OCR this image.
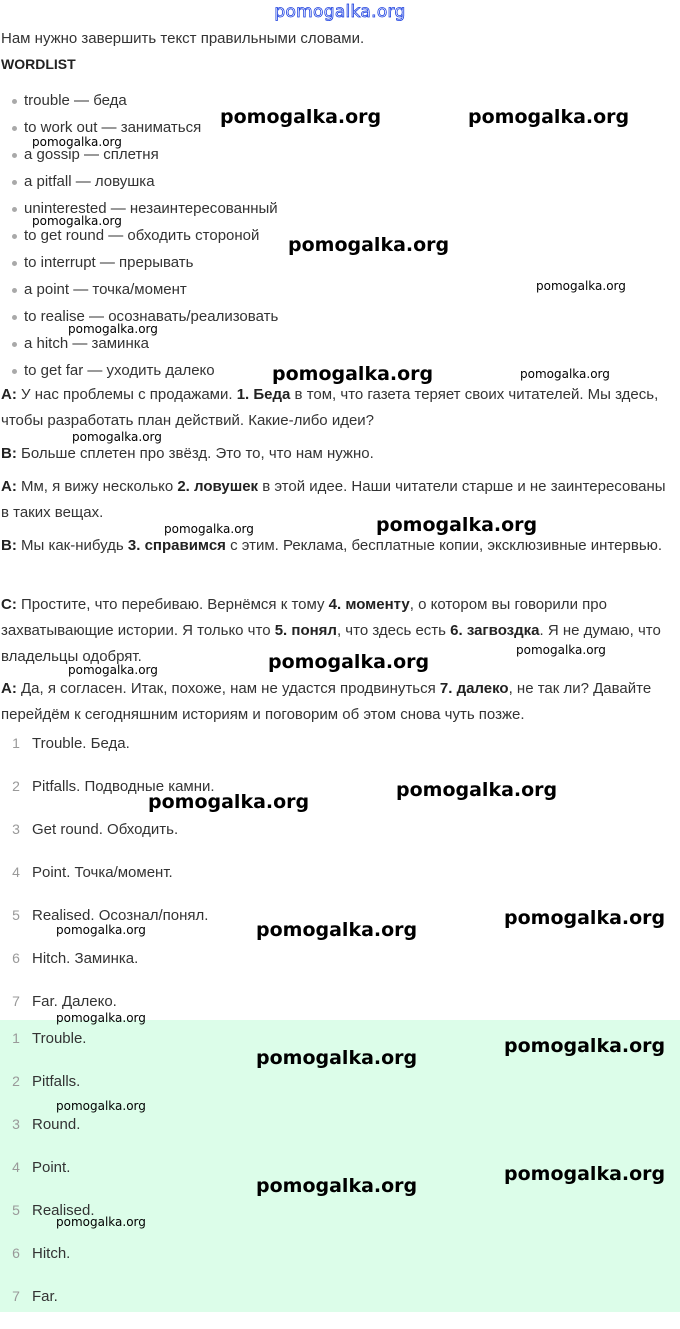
pomogalka.org
Нам нужно завершить текст правильными словами.
WORDLIST
trouble — беда
to work out — заниматься
a gossip — сплетня
a pitfall — ловушка
uninterested — незаинтересованный
to get round — обходить стороной
to interrupt — прерывать
a point — точка/момент
to realise — осознавать/реализовать
a hitch — заминка
to get far — уходить далеко

A: У нас проблемы с продажами. 1. Беда в том, что газета теряет своих читателей. Мы здесь, чтобы разработать план действий. Какие-либо идеи?

B: Больше сплетен про звёзд. Это то, что нам нужно.

A: Мм, я вижу несколько 2. ловушек в этой идее. Наши читатели старше и не заинтересованы в таких вещах.

B: Мы как-нибудь 3. справимся с этим. Реклама, бесплатные копии, эксклюзивные интервью.

C: Простите, что перебиваю. Вернёмся к тому 4. моменту, о котором вы говорили про захватывающие истории. Я только что 5. понял, что здесь есть 6. загвоздка. Я не думаю, что владельцы одобрят.

A: Да, я согласен. Итак, похоже, нам не удастся продвинуться 7. далеко, не так ли? Давайте перейдём к сегодняшним историям и поговорим об этом снова чуть позже.

1 Trouble. Беда.
2 Pitfalls. Подводные камни.
3 Get round. Обходить.
4 Point. Точка/момент.
5 Realised. Осознал/понял.
6 Hitch. Заминка.
7 Far. Далеко.
1 Trouble.
2 Pitfalls.
3 Round.
4 Point.
5 Realised.
6 Hitch.
7 Far.
pomogalka.org	pomogalka.org
pomogalka.org
pomogalka.org
pomogalka.org
pomogalka.org
pomogalka.org
pomogalka.org	pomogalka.org
pomogalka.org
pomogalka.org
pomogalka.org
pomogalka.org
pomogalka.org
pomogalka.org
pomogalka.org
pomogalka.org
pomogalka.org
pomogalka.org
pomogalka.org
pomogalka.org
pomogalka.org
pomogalka.org
pomogalka.org
pomogalka.org
pomogalka.org
pomogalka.org
